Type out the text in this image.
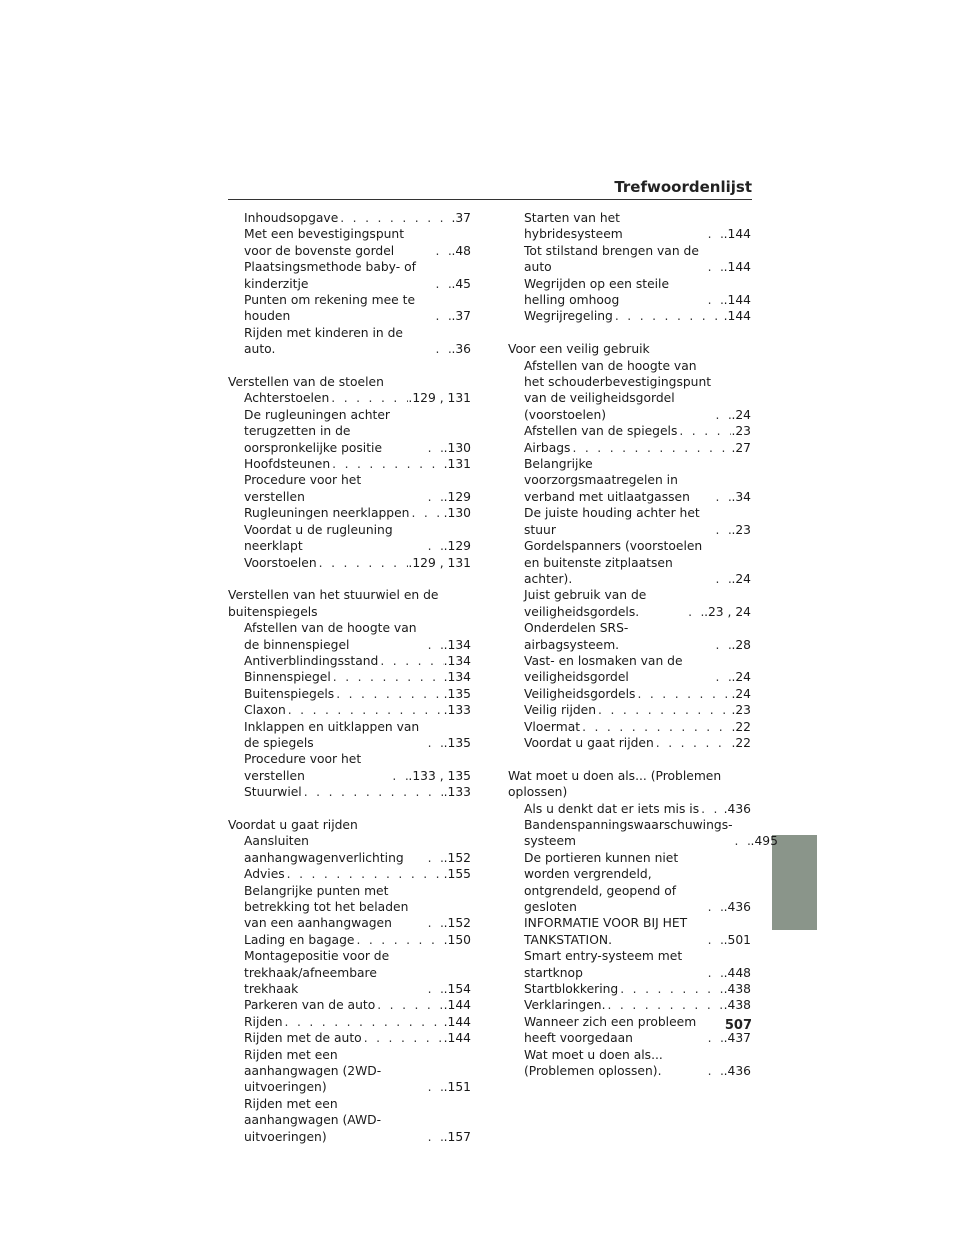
Trefwoordenlijst
Inhoudsopgave . . .	.37
Met een bevestigingspunt voor de bovenste gordel . . .	.48
Plaatsingsmethode baby- of kinderzitje . . .	.45
Punten om rekening mee te houden . . .	.37
Rijden met kinderen in de auto. . . .	.36
Verstellen van de stoelen
Achterstoelen . . .	.129 , 131
De rugleuningen achter terugzetten in de oorspronkelijke positie . . .	.130
Hoofdsteunen . . .	.131
Procedure voor het verstellen . . .	.129
Rugleuningen neerklappen . . .	.130
Voordat u de rugleuning neerklapt . . .	.129
Voorstoelen . . .	.129 , 131
Verstellen van het stuurwiel en de buitenspiegels
Afstellen van de hoogte van de binnenspiegel . . .	.134
Antiverblindingsstand . . .	.134
Binnenspiegel . . .	.134
Buitenspiegels . . .	.135
Claxon . . .	.133
Inklappen en uitklappen van de spiegels . . .	.135
Procedure voor het verstellen . . .	.133 , 135
Stuurwiel . . .	.133
Voordat u gaat rijden
Aansluiten aanhangwagenverlichting . . .	.152
Advies . . .	.155
Belangrijke punten met betrekking tot het beladen van een aanhangwagen . . .	.152
Lading en bagage . . .	.150
Montagepositie voor de trekhaak/afneembare trekhaak . . .	.154
Parkeren van de auto . . .	.144
Rijden . . .	.144
Rijden met de auto . . .	.144
Rijden met een aanhangwagen (2WD-uitvoeringen) . . .	.151
Rijden met een aanhangwagen (AWD-uitvoeringen) . . .	.157
Starten van het hybridesysteem . . .	.144
Tot stilstand brengen van de auto . . .	.144
Wegrijden op een steile helling omhoog . . .	.144
Wegrijregeling . . .	.144
Voor een veilig gebruik
Afstellen van de hoogte van het schouderbevestigingspunt van de veiligheidsgordel (voorstoelen) . . .	.24
Afstellen van de spiegels . . .	.23
Airbags . . .	.27
Belangrijke voorzorgsmaatregelen in verband met uitlaatgassen . . .	.34
De juiste houding achter het stuur . . .	.23
Gordelspanners (voorstoelen en buitenste zitplaatsen achter). . . .	.24
Juist gebruik van de veiligheidsgordels. . . .	.23 , 24
Onderdelen SRS-airbagsysteem. . . .	.28
Vast- en losmaken van de veiligheidsgordel . . .	.24
Veiligheidsgordels . . .	.24
Veilig rijden . . .	.23
Vloermat . . .	.22
Voordat u gaat rijden . . .	.22
Wat moet u doen als... (Problemen oplossen)
Als u denkt dat er iets mis is . . . .436
Bandenspanningswaarschuwings-systeem . . .	.495
De portieren kunnen niet worden vergrendeld, ontgrendeld, geopend of gesloten . . .	.436
INFORMATIE VOOR BIJ HET TANKSTATION. . . .	.501
Smart entry-systeem met startknop . . .	.448
Startblokkering . . .	.438
Verklaringen. . . .	.438
Wanneer zich een probleem heeft voorgedaan . . .	.437
Wat moet u doen als... (Problemen oplossen). . . .	.436
507
